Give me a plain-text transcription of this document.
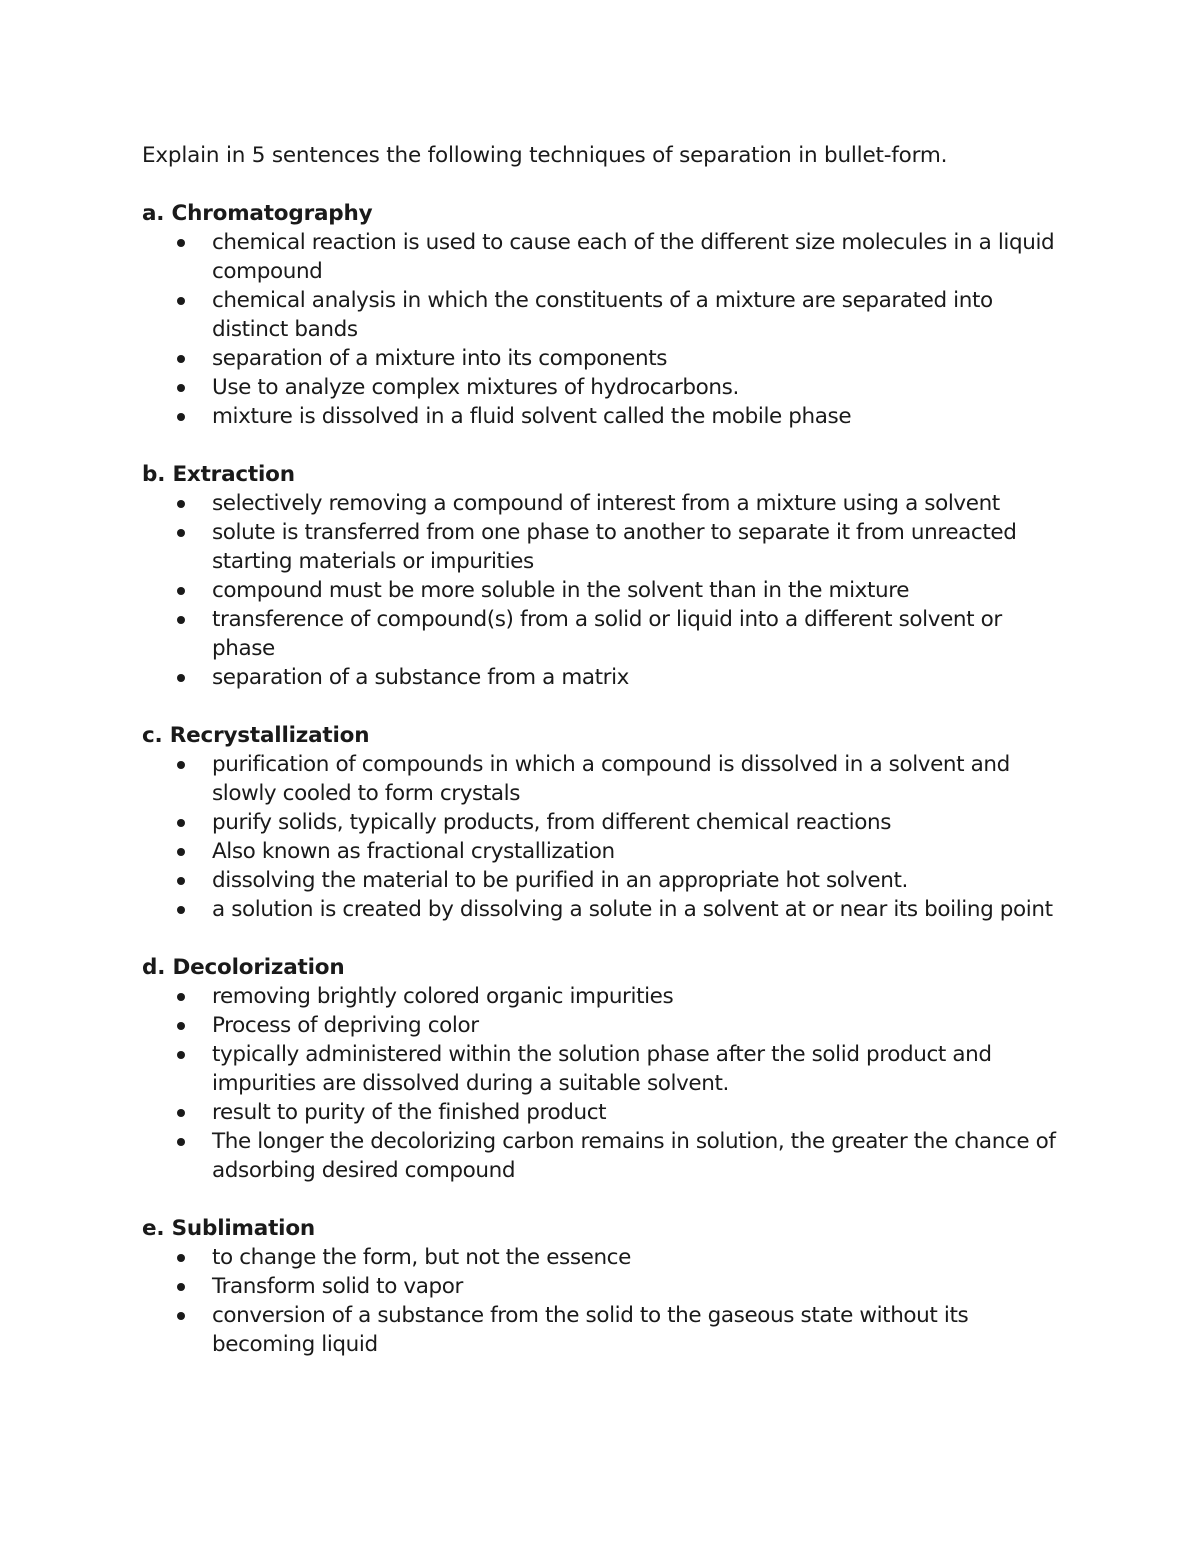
Explain in 5 sentences the following techniques of separation in bullet-form.

a. Chromatography

chemical reaction is used to cause each of the different size molecules in a liquid compound
chemical analysis in which the constituents of a mixture are separated into distinct bands
separation of a mixture into its components
Use to analyze complex mixtures of hydrocarbons.
mixture is dissolved in a fluid solvent called the mobile phase

b. Extraction

selectively removing a compound of interest from a mixture using a solvent
solute is transferred from one phase to another to separate it from unreacted starting materials or impurities
compound must be more soluble in the solvent than in the mixture
transference of compound(s) from a solid or liquid into a different solvent or phase
separation of a substance from a matrix

c. Recrystallization

purification of compounds in which a compound is dissolved in a solvent and slowly cooled to form crystals
purify solids, typically products, from different chemical reactions
Also known as fractional crystallization
dissolving the material to be purified in an appropriate hot solvent.
a solution is created by dissolving a solute in a solvent at or near its boiling point

d. Decolorization

removing brightly colored organic impurities
Process of depriving color
typically administered within the solution phase after the solid product and impurities are dissolved during a suitable solvent.
result to purity of the finished product
The longer the decolorizing carbon remains in solution, the greater the chance of adsorbing desired compound

e. Sublimation

to change the form, but not the essence
Transform solid to vapor
conversion of a substance from the solid to the gaseous state without its becoming liquid
